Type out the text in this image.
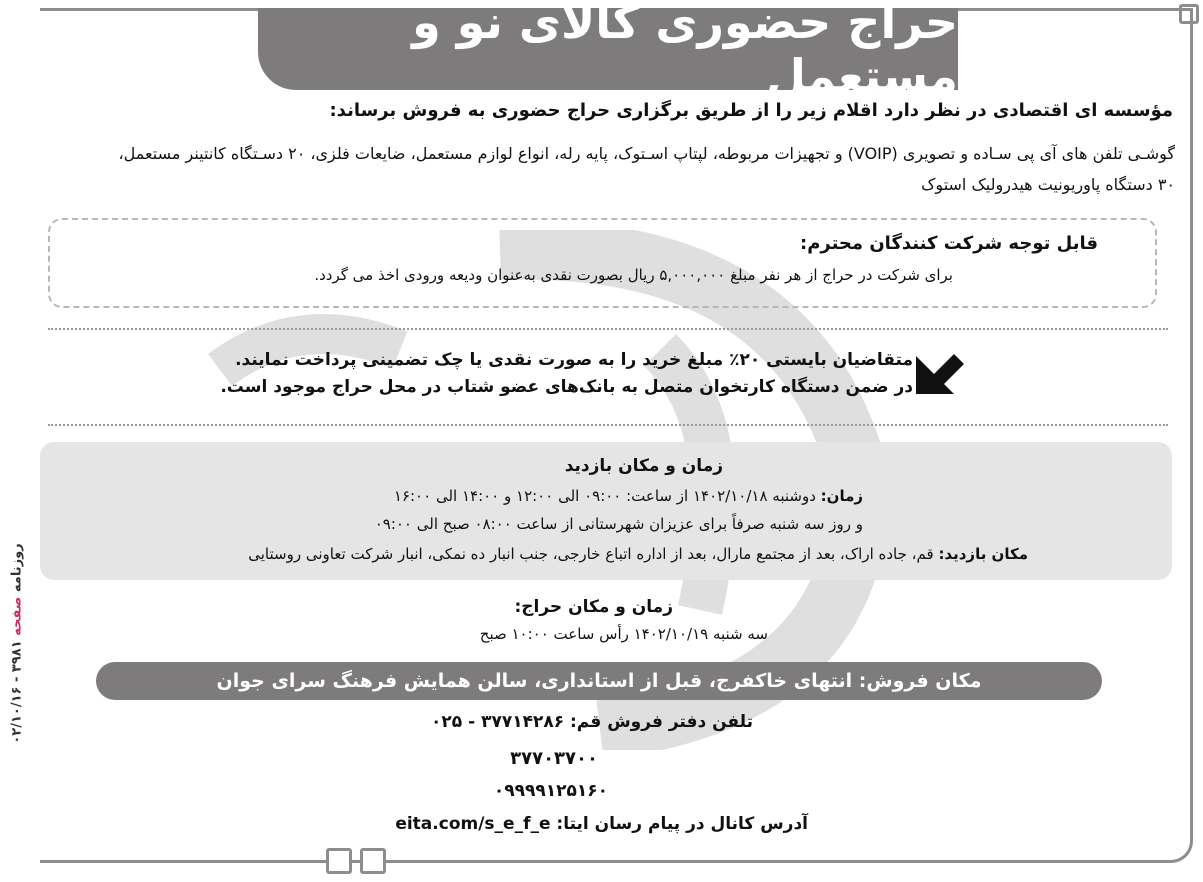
حراج حضوری کالای نو و مستعمل
مؤسسه ای اقتصادی در نظر دارد اقلام زیر را از طریق برگزاری حراج حضوری به فروش برساند:
گوشـی تلفن های آی پی سـاده و تصویری (VOIP) و تجهیزات مربوطه، لپتاپ اسـتوک، پایه رله، انواع لوازم مستعمل، ضایعات فلزی، ۲۰ دسـتگاه کانتینر مستعمل،
۳۰ دستگاه پاوریونیت هیدرولیک استوک
قابل توجه شرکت کنندگان محترم:
برای شرکت در حراج از هر نفر مبلغ ۵,۰۰۰,۰۰۰ ریال بصورت نقدی به‌عنوان ودیعه ورودی اخذ می گردد.
متقاضیان بایستی ۲۰٪ مبلغ خرید را به صورت نقدی یا چک تضمینی پرداخت نمایند.
در ضمن دستگاه کارتخوان متصل به بانک‌های عضو شتاب در محل حراج موجود است.
زمان و مکان بازدید
زمان: دوشنبه ۱۴۰۲/۱۰/۱۸ از ساعت: ۰۹:۰۰ الی ۱۲:۰۰ و ۱۴:۰۰ الی ۱۶:۰۰
و روز سه شنبه صرفاً برای عزیزان شهرستانی از ساعت ۰۸:۰۰ صبح الی ۰۹:۰۰
مکان بازدید: قم، جاده اراک، بعد از مجتمع مارال، بعد از اداره اتباع خارجی، جنب انبار ده نمکی، انبار شرکت تعاونی روستایی
زمان و مکان حراج:
سه شنبه ۱۴۰۲/۱۰/۱۹ رأس ساعت ۱۰:۰۰ صبح
مکان فروش: انتهای خاکفرج، قبل از استانداری، سالن همایش فرهنگ سرای جوان
تلفن دفتر فروش قم: ۳۷۷۱۴۲۸۶ - ۰۲۵
۳۷۷۰۳۷۰۰
۰۹۹۹۹۱۲۵۱۶۰
آدرس کانال در پیام رسان ایتا: eita.com/s_e_f_e
روزنامه صفحه ۳۹۸۱ - ۰۲/۱۰/۱۶
